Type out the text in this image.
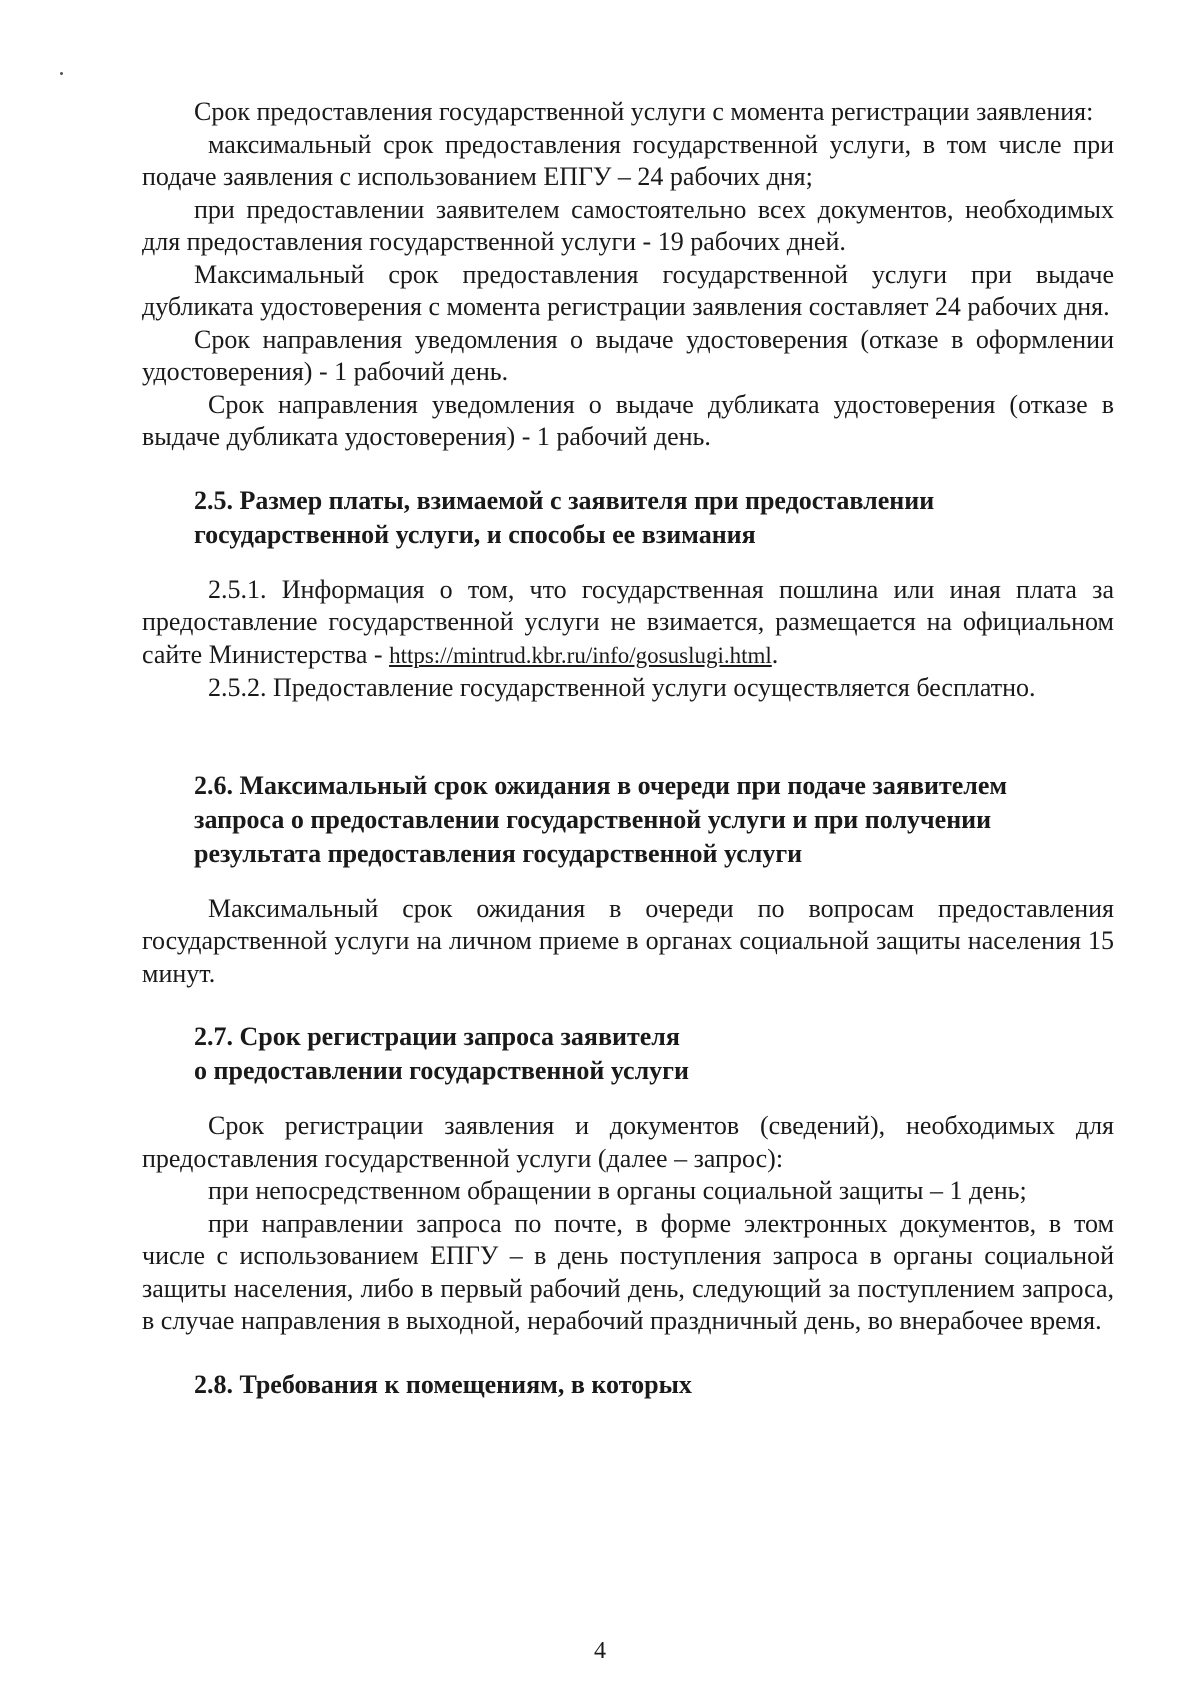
Срок предоставления государственной услуги с момента регистрации заявления:

максимальный срок предоставления государственной услуги, в том числе при подаче заявления с использованием ЕПГУ – 24 рабочих дня;

при предоставлении заявителем самостоятельно всех документов, необходимых для предоставления государственной услуги - 19 рабочих дней.

Максимальный срок предоставления государственной услуги при выдаче дубликата удостоверения с момента регистрации заявления составляет 24 рабочих дня.

Срок направления уведомления о выдаче удостоверения (отказе в оформлении удостоверения) - 1 рабочий день.

Срок направления уведомления о выдаче дубликата удостоверения (отказе в выдаче дубликата удостоверения) - 1 рабочий день.

2.5. Размер платы, взимаемой с заявителя при предоставлении

государственной услуги, и способы ее взимания

2.5.1. Информация о том, что государственная пошлина или иная плата за предоставление государственной услуги не взимается, размещается на официальном сайте Министерства - https://mintrud.kbr.ru/info/gosuslugi.html.

2.5.2. Предоставление государственной услуги осуществляется бесплатно.

2.6. Максимальный срок ожидания в очереди при подаче заявителем

запроса о предоставлении государственной услуги и при получении

результата предоставления государственной услуги

Максимальный срок ожидания в очереди по вопросам предоставления государственной услуги на личном приеме в органах социальной защиты населения 15 минут.

2.7. Срок регистрации запроса заявителя

о предоставлении государственной услуги

Срок регистрации заявления и документов (сведений), необходимых для предоставления государственной услуги (далее – запрос):

при непосредственном обращении в органы социальной защиты – 1 день;

при направлении запроса по почте, в форме электронных документов, в том числе с использованием ЕПГУ – в день поступления запроса в органы социальной защиты населения, либо в первый рабочий день, следующий за поступлением запроса, в случае направления в выходной, нерабочий праздничный день, во внерабочее время.

2.8. Требования к помещениям, в которых

4
